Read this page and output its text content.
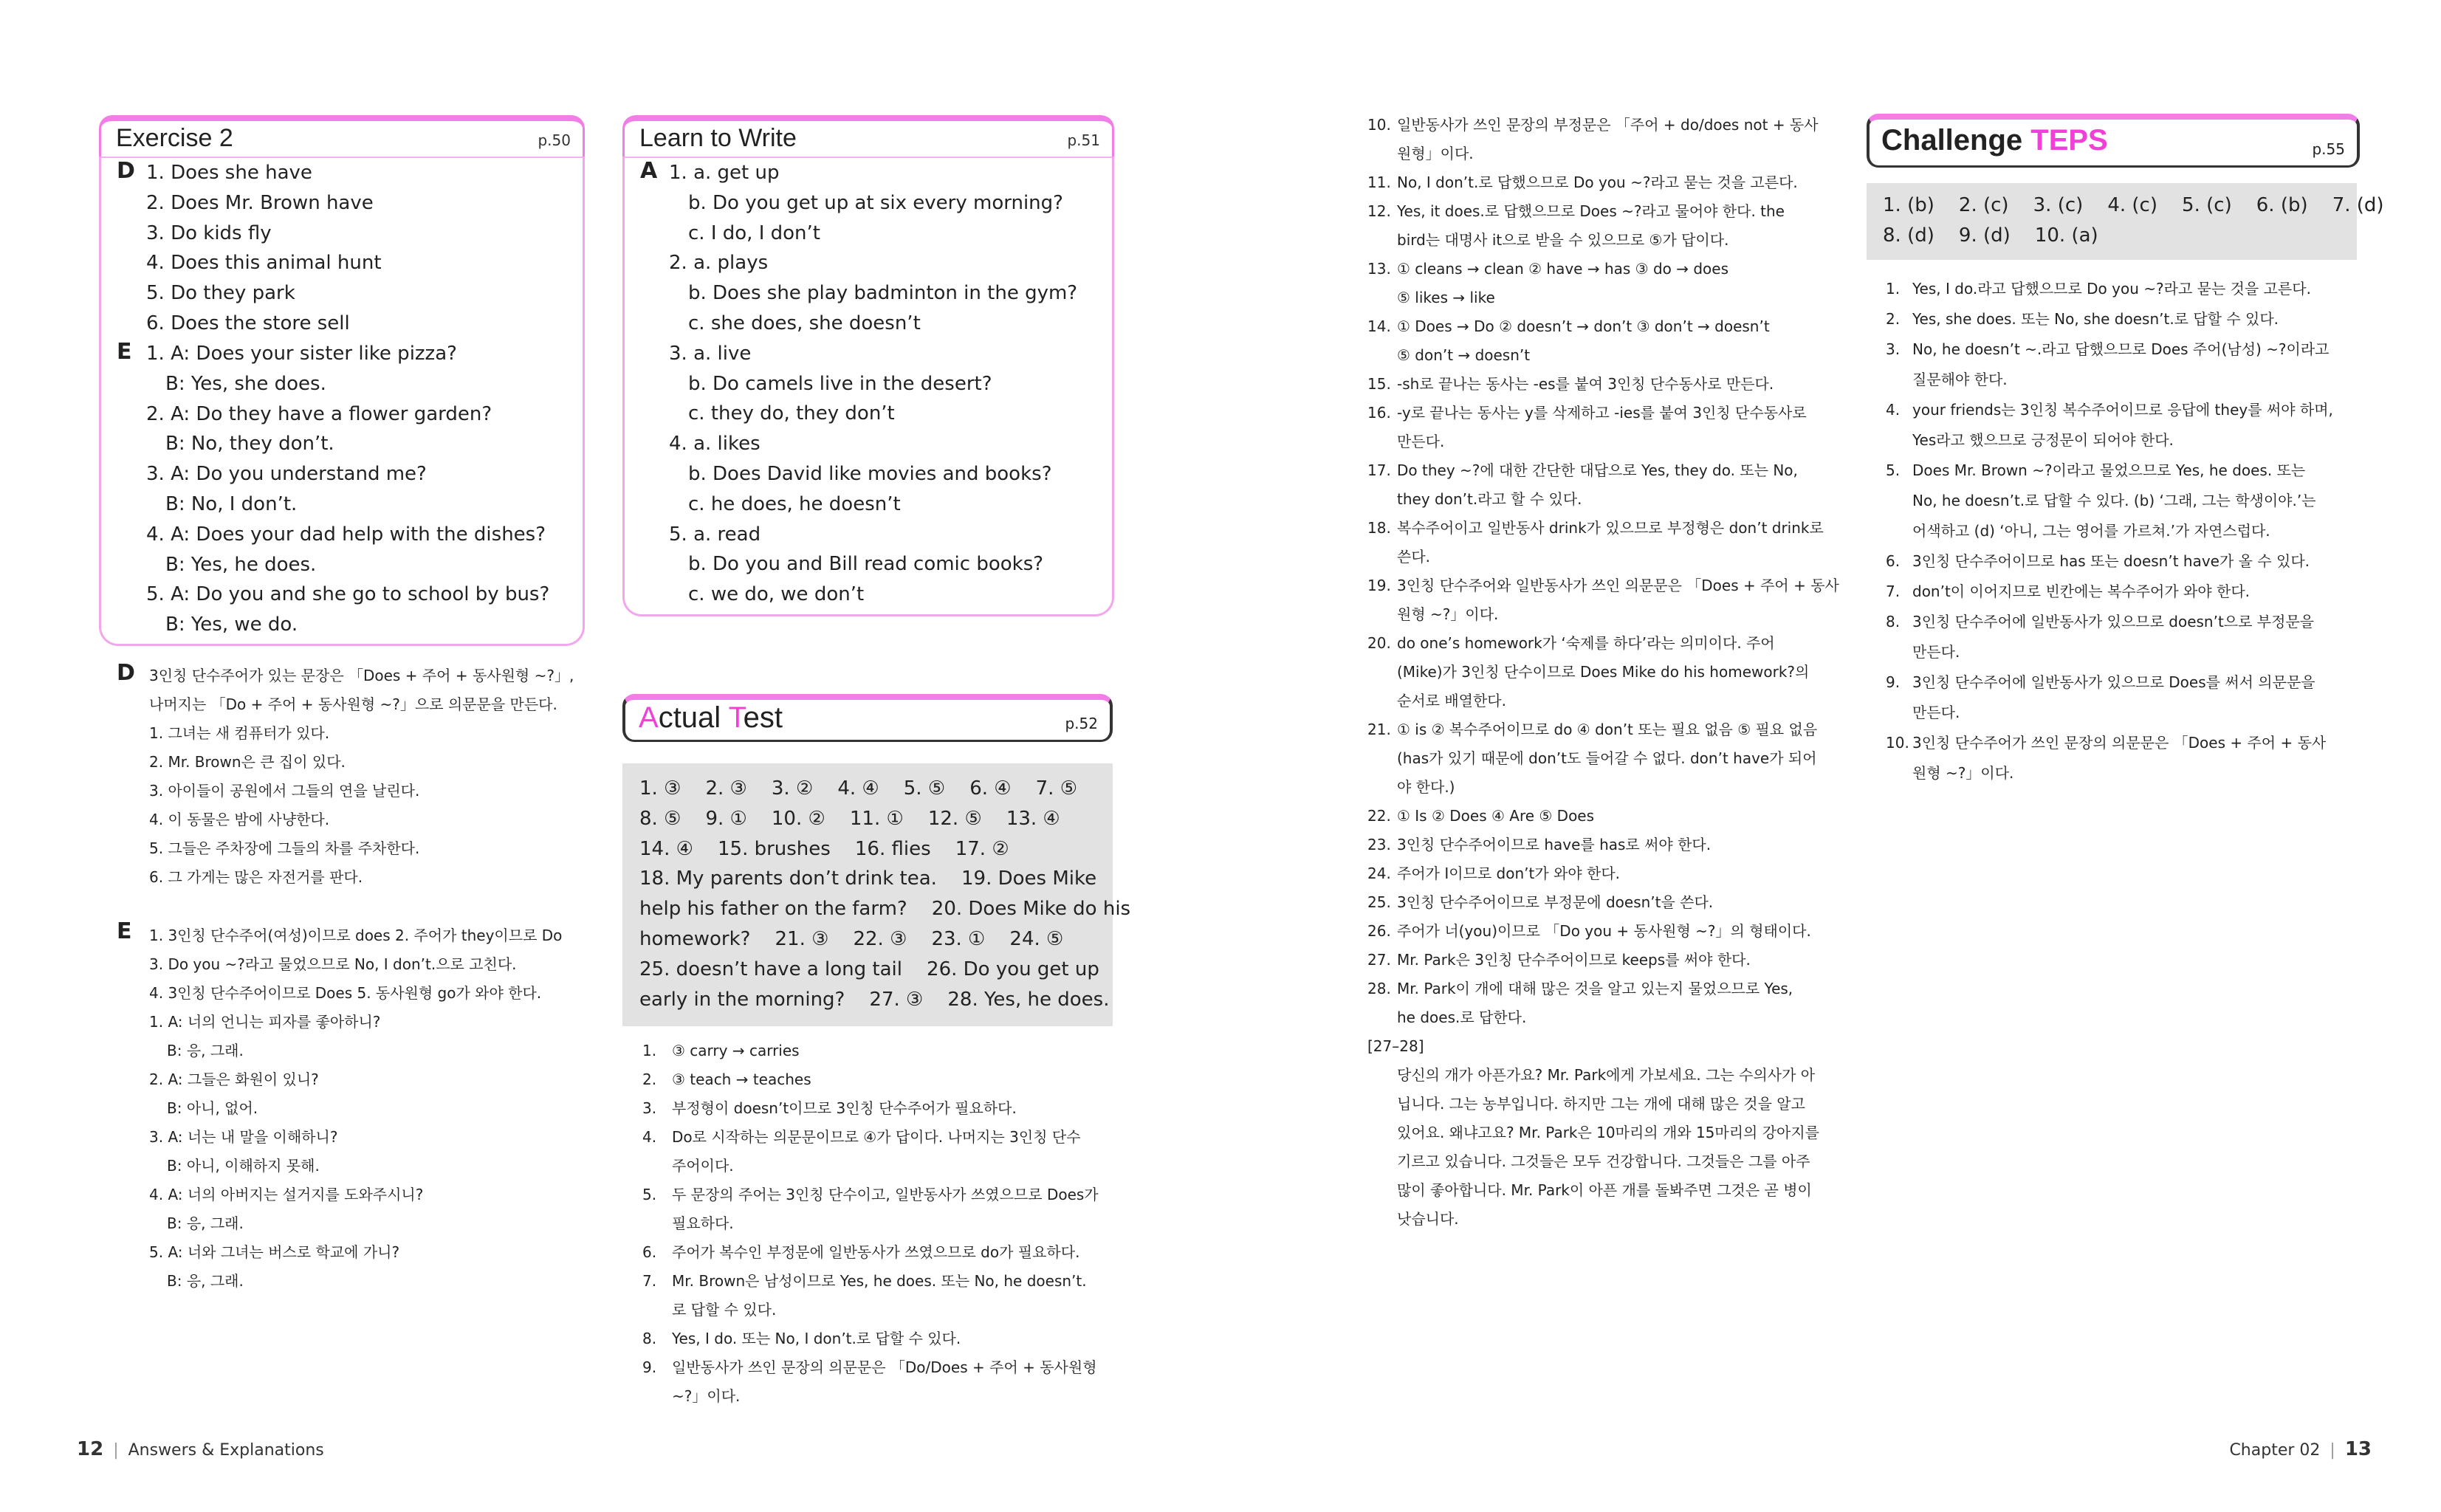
Exercise 2	p.50
D 1. Does she have
2. Does Mr. Brown have
3. Do kids fly
4. Does this animal hunt
5. Do they park
6. Does the store sell
E 1. A: Does your sister like pizza?
B: Yes, she does.
2. A: Do they have a flower garden?
B: No, they don’t.
3. A: Do you understand me?
B: No, I don’t.
4. A: Does your dad help with the dishes?
B: Yes, he does.
5. A: Do you and she go to school by bus?
B: Yes, we do.
D 3인칭 단수주어가 있는 문장은 「Does + 주어 + 동사원형 ~?」,
나머지는 「Do + 주어 + 동사원형 ~?」으로 의문문을 만든다.
1. 그녀는 새 컴퓨터가 있다.
2. Mr. Brown은 큰 집이 있다.
3. 아이들이 공원에서 그들의 연을 날린다.
4. 이 동물은 밤에 사냥한다.
5. 그들은 주차장에 그들의 차를 주차한다.
6. 그 가게는 많은 자전거를 판다.
E 1. 3인칭 단수주어(여성)이므로 does 2. 주어가 they이므로 Do
3. Do you ~?라고 물었으므로 No, I don’t.으로 고친다.
4. 3인칭 단수주어이므로 Does 5. 동사원형 go가 와야 한다.
1. A: 너의 언니는 피자를 좋아하니?
B: 응, 그래.
2. A: 그들은 화원이 있니?
B: 아니, 없어.
3. A: 너는 내 말을 이해하니?
B: 아니, 이해하지 못해.
4. A: 너의 아버지는 설거지를 도와주시니?
B: 응, 그래.
5. A: 너와 그녀는 버스로 학교에 가니?
B: 응, 그래.
Learn to Write	p.51
A 1. a. get up
b. Do you get up at six every morning?
c. I do, I don’t
2. a. plays
b. Does she play badminton in the gym?
c. she does, she doesn’t
3. a. live
b. Do camels live in the desert?
c. they do, they don’t
4. a. likes
b. Does David like movies and books?
c. he does, he doesn’t
5. a. read
b. Do you and Bill read comic books?
c. we do, we don’t
Actual Test	p.52
1. ③    2. ③    3. ②    4. ④    5. ⑤    6. ④    7. ⑤
8. ⑤    9. ①    10. ②    11. ①    12. ⑤    13. ④
14. ④    15. brushes    16. flies    17. ②
18. My parents don’t drink tea.    19. Does Mike
help his father on the farm?    20. Does Mike do his
homework?    21. ③    22. ③    23. ①    24. ⑤
25. doesn’t have a long tail    26. Do you get up
early in the morning?    27. ③    28. Yes, he does.
1. ③ carry → carries
2. ③ teach → teaches
3. 부정형이 doesn’t이므로 3인칭 단수주어가 필요하다.
4. Do로 시작하는 의문문이므로 ④가 답이다. 나머지는 3인칭 단수
주어이다.
5. 두 문장의 주어는 3인칭 단수이고, 일반동사가 쓰였으므로 Does가
필요하다.
6. 주어가 복수인 부정문에 일반동사가 쓰였으므로 do가 필요하다.
7. Mr. Brown은 남성이므로 Yes, he does. 또는 No, he doesn’t.
로 답할 수 있다.
8. Yes, I do. 또는 No, I don’t.로 답할 수 있다.
9. 일반동사가 쓰인 문장의 의문문은 「Do/Does + 주어 + 동사원형
~?」이다.
10. 일반동사가 쓰인 문장의 부정문은 「주어 + do/does not + 동사
원형」이다.
11. No, I don’t.로 답했으므로 Do you ~?라고 묻는 것을 고른다.
12. Yes, it does.로 답했으므로 Does ~?라고 물어야 한다. the
bird는 대명사 it으로 받을 수 있으므로 ⑤가 답이다.
13. ① cleans → clean ② have → has ③ do → does
⑤ likes → like
14. ① Does → Do ② doesn’t → don’t ③ don’t → doesn’t
⑤ don’t → doesn’t
15. -sh로 끝나는 동사는 -es를 붙여 3인칭 단수동사로 만든다.
16. -y로 끝나는 동사는 y를 삭제하고 -ies를 붙여 3인칭 단수동사로
만든다.
17. Do they ~?에 대한 간단한 대답으로 Yes, they do. 또는 No,
they don’t.라고 할 수 있다.
18. 복수주어이고 일반동사 drink가 있으므로 부정형은 don’t drink로
쓴다.
19. 3인칭 단수주어와 일반동사가 쓰인 의문문은 「Does + 주어 + 동사
원형 ~?」이다.
20. do one’s homework가 ‘숙제를 하다’라는 의미이다. 주어
(Mike)가 3인칭 단수이므로 Does Mike do his homework?의
순서로 배열한다.
21. ① is ② 복수주어이므로 do ④ don’t 또는 필요 없음 ⑤ 필요 없음
(has가 있기 때문에 don’t도 들어갈 수 없다. don’t have가 되어
야 한다.)
22. ① Is ② Does ④ Are ⑤ Does
23. 3인칭 단수주어이므로 have를 has로 써야 한다.
24. 주어가 I이므로 don’t가 와야 한다.
25. 3인칭 단수주어이므로 부정문에 doesn’t을 쓴다.
26. 주어가 너(you)이므로 「Do you + 동사원형 ~?」의 형태이다.
27. Mr. Park은 3인칭 단수주어이므로 keeps를 써야 한다.
28. Mr. Park이 개에 대해 많은 것을 알고 있는지 물었으므로 Yes,
he does.로 답한다.
[27–28]
당신의 개가 아픈가요? Mr. Park에게 가보세요. 그는 수의사가 아
닙니다. 그는 농부입니다. 하지만 그는 개에 대해 많은 것을 알고
있어요. 왜냐고요? Mr. Park은 10마리의 개와 15마리의 강아지를
기르고 있습니다. 그것들은 모두 건강합니다. 그것들은 그를 아주
많이 좋아합니다. Mr. Park이 아픈 개를 돌봐주면 그것은 곧 병이
낫습니다.
Challenge TEPS	p.55
1. (b)    2. (c)    3. (c)    4. (c)    5. (c)    6. (b)    7. (d)
8. (d)    9. (d)    10. (a)
1. Yes, I do.라고 답했으므로 Do you ~?라고 묻는 것을 고른다.
2. Yes, she does. 또는 No, she doesn’t.로 답할 수 있다.
3. No, he doesn’t ~.라고 답했으므로 Does 주어(남성) ~?이라고
질문해야 한다.
4. your friends는 3인칭 복수주어이므로 응답에 they를 써야 하며,
Yes라고 했으므로 긍정문이 되어야 한다.
5. Does Mr. Brown ~?이라고 물었으므로 Yes, he does. 또는
No, he doesn’t.로 답할 수 있다. (b) ‘그래, 그는 학생이야.’는
어색하고 (d) ‘아니, 그는 영어를 가르쳐.’가 자연스럽다.
6. 3인칭 단수주어이므로 has 또는 doesn’t have가 올 수 있다.
7. don’t이 이어지므로 빈칸에는 복수주어가 와야 한다.
8. 3인칭 단수주어에 일반동사가 있으므로 doesn’t으로 부정문을
만든다.
9. 3인칭 단수주어에 일반동사가 있으므로 Does를 써서 의문문을
만든다.
10. 3인칭 단수주어가 쓰인 문장의 의문문은 「Does + 주어 + 동사
원형 ~?」이다.
12 | Answers & Explanations	Chapter 02 | 13
